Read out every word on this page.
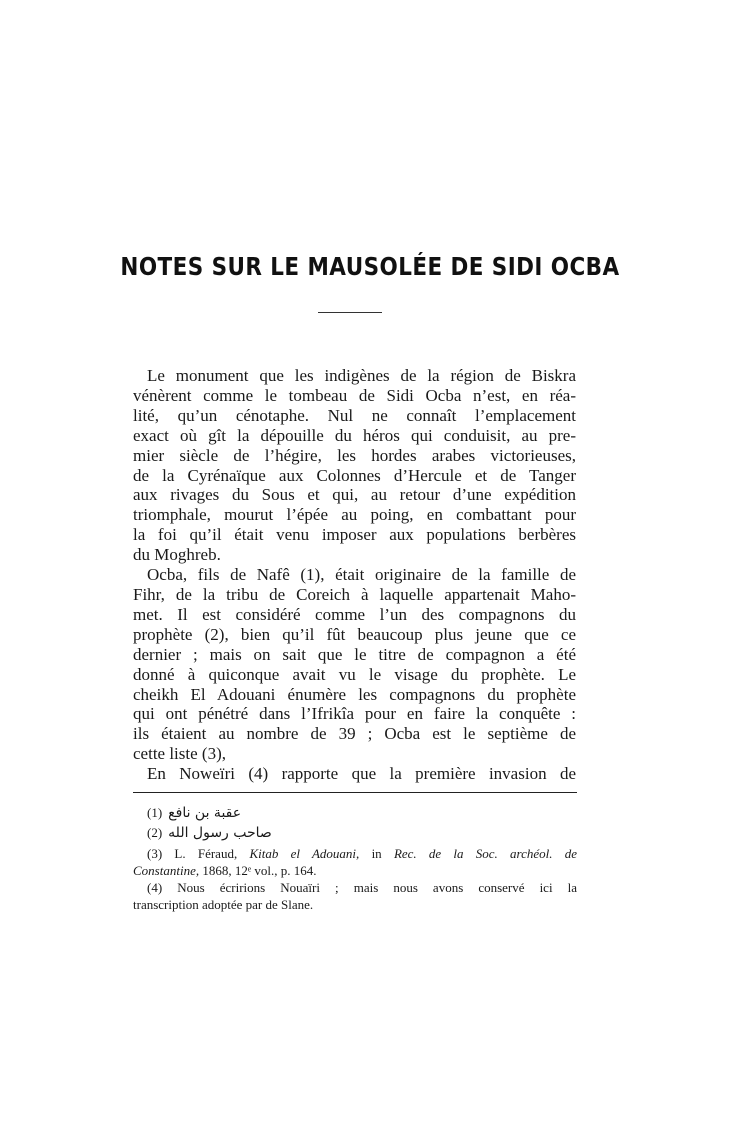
NOTES SUR LE MAUSOLÉE DE SIDI OCBA
Le monument que les indigènes de la région de Biskra
vénèrent comme le tombeau de Sidi Ocba n’est, en réa-
lité, qu’un cénotaphe. Nul ne connaît l’emplacement
exact où gît la dépouille du héros qui conduisit, au pre-
mier siècle de l’hégire, les hordes arabes victorieuses,
de la Cyrénaïque aux Colonnes d’Hercule et de Tanger
aux rivages du Sous et qui, au retour d’une expédition
triomphale, mourut l’épée au poing, en combattant pour
la foi qu’il était venu imposer aux populations berbères
du Moghreb.
Ocba, fils de Nafê (1), était originaire de la famille de
Fihr, de la tribu de Coreich à laquelle appartenait Maho-
met. Il est considéré comme l’un des compagnons du
prophète (2), bien qu’il fût beaucoup plus jeune que ce
dernier ; mais on sait que le titre de compagnon a été
donné à quiconque avait vu le visage du prophète. Le
cheikh El Adouani énumère les compagnons du prophète
qui ont pénétré dans l’Ifrikîa pour en faire la conquête :
ils étaient au nombre de 39 ; Ocba est le septième de
cette liste (3),
En Noweïri (4) rapporte que la première invasion de
(1) عقبة بن نافع
(2) صاحب رسول الله
(3) L. Féraud, Kitab el Adouani, in Rec. de la Soc. archéol. de
Constantine, 1868, 12ᵉ vol., p. 164.
(4) Nous écririons Nouaïri ; mais nous avons conservé ici la
transcription adoptée par de Slane.
